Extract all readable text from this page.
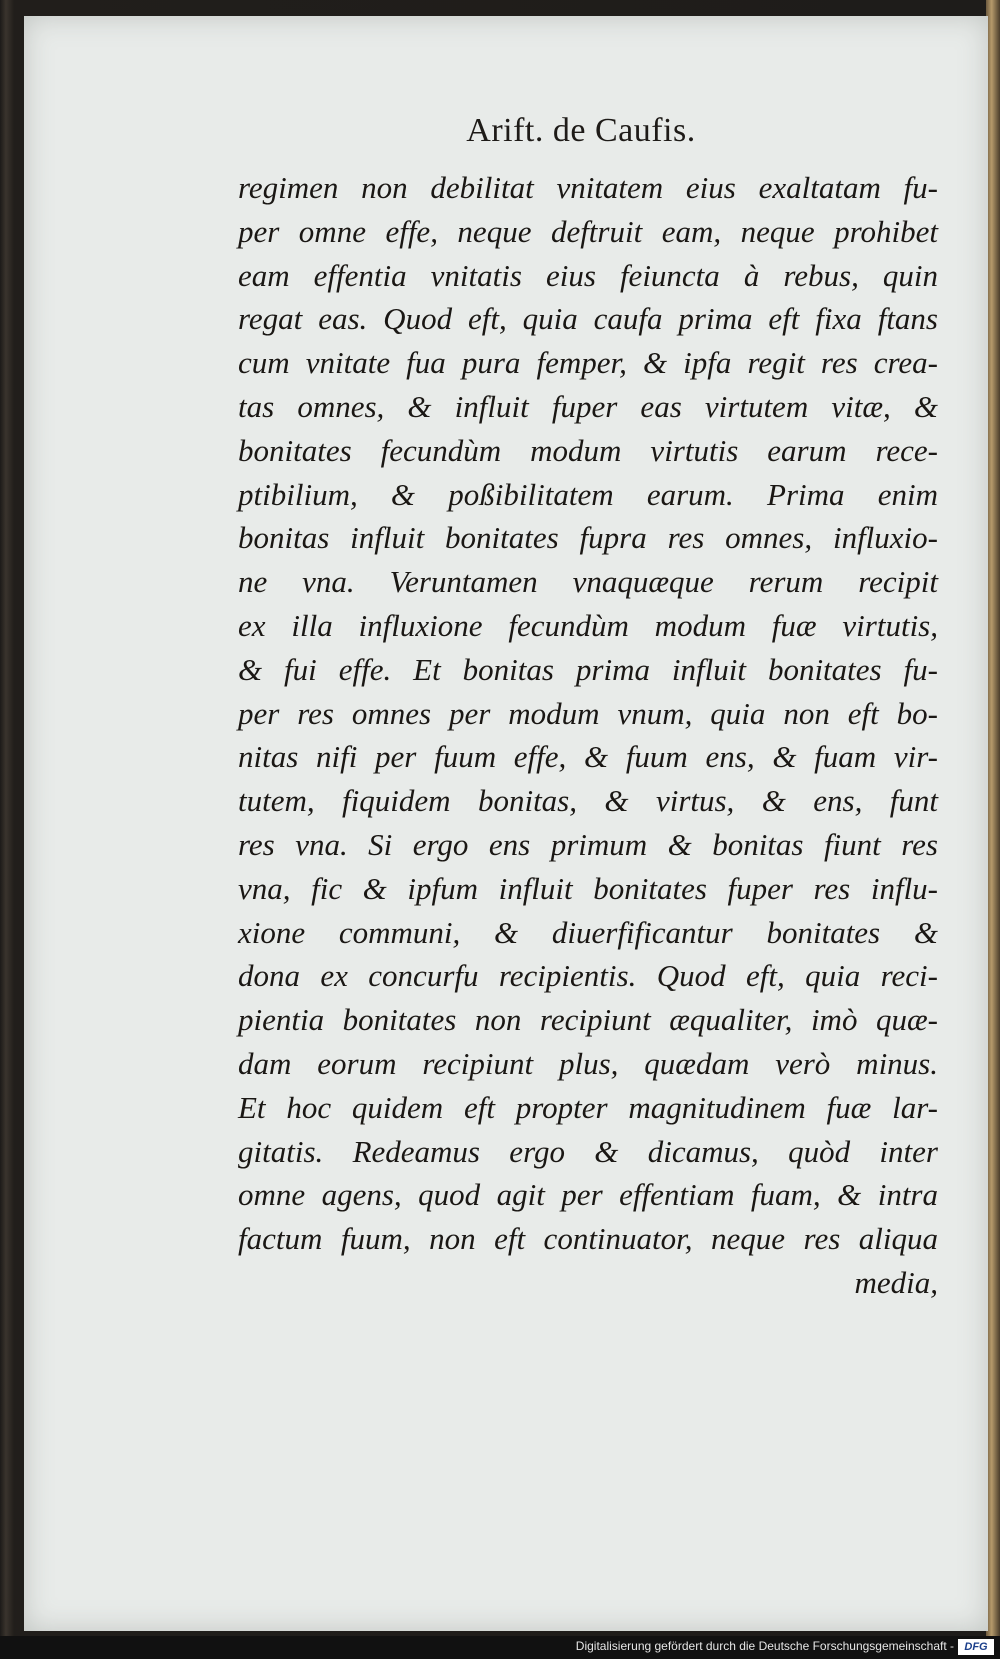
Arift. de Caufis.
regimen non debilitat vnitatem eius exaltatam fu-
per omne effe, neque deftruit eam, neque prohibet
eam effentia vnitatis eius feiuncta à rebus, quin
regat eas. Quod eft, quia caufa prima eft fixa ftans
cum vnitate fua pura femper, & ipfa regit res crea-
tas omnes, & influit fuper eas virtutem vitæ, &
bonitates fecundùm modum virtutis earum rece-
ptibilium, & poßibilitatem earum. Prima enim
bonitas influit bonitates fupra res omnes, influxio-
ne vna. Veruntamen vnaquæque rerum recipit
ex illa influxione fecundùm modum fuæ virtutis,
& fui effe. Et bonitas prima influit bonitates fu-
per res omnes per modum vnum, quia non eft bo-
nitas nifi per fuum effe, & fuum ens, & fuam vir-
tutem, fiquidem bonitas, & virtus, & ens, funt
res vna. Si ergo ens primum & bonitas fiunt res
vna, fic & ipfum influit bonitates fuper res influ-
xione communi, & diuerfificantur bonitates &
dona ex concurfu recipientis. Quod eft, quia reci-
pientia bonitates non recipiunt æqualiter, imò quæ-
dam eorum recipiunt plus, quædam verò minus.
Et hoc quidem eft propter magnitudinem fuæ lar-
gitatis. Redeamus ergo & dicamus, quòd inter
omne agens, quod agit per effentiam fuam, & intra
factum fuum, non eft continuator, neque res aliqua
media,
Digitalisierung gefördert durch die Deutsche Forschungsgemeinschaft - DFG
